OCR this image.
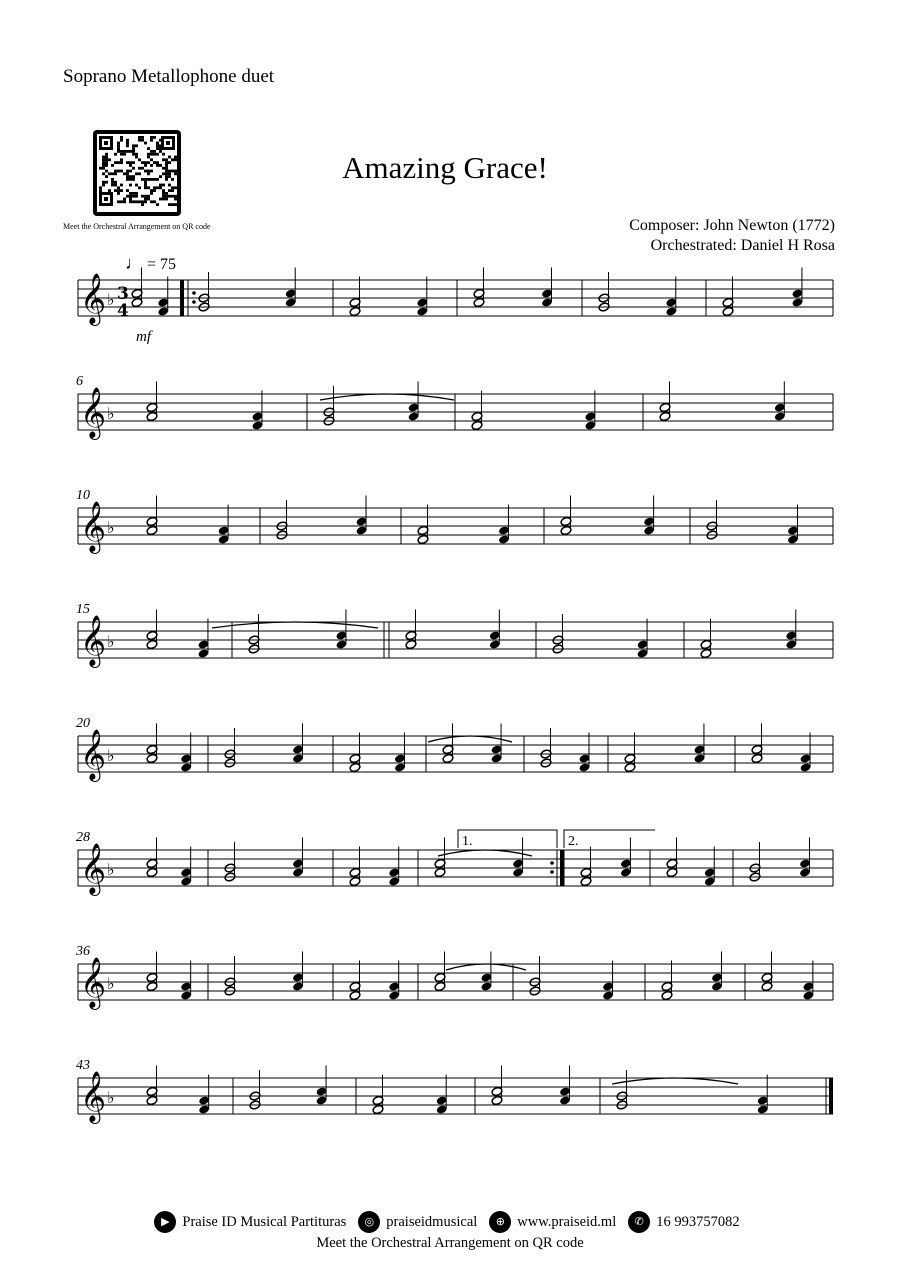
Soprano Metallophone duet
Meet the Orchestral Arrangement on QR code
Amazing Grace!
Composer: John Newton (1772)
Orchestrated: Daniel H Rosa
♩ = 75
𝄞 ♭
𝄞 ♭
𝄞 ♭
𝄞 ♭
𝄞 ♭
𝄞 ♭
𝄞 ♭
𝄞 ♭
mf
3
4
6
10
15
20
28
36
43
1.	2.
▶ Praise ID Musical Partituras	◎ praiseidmusical	⊕ www.praiseid.ml	✆ 16 993757082
Meet the Orchestral Arrangement on QR code
